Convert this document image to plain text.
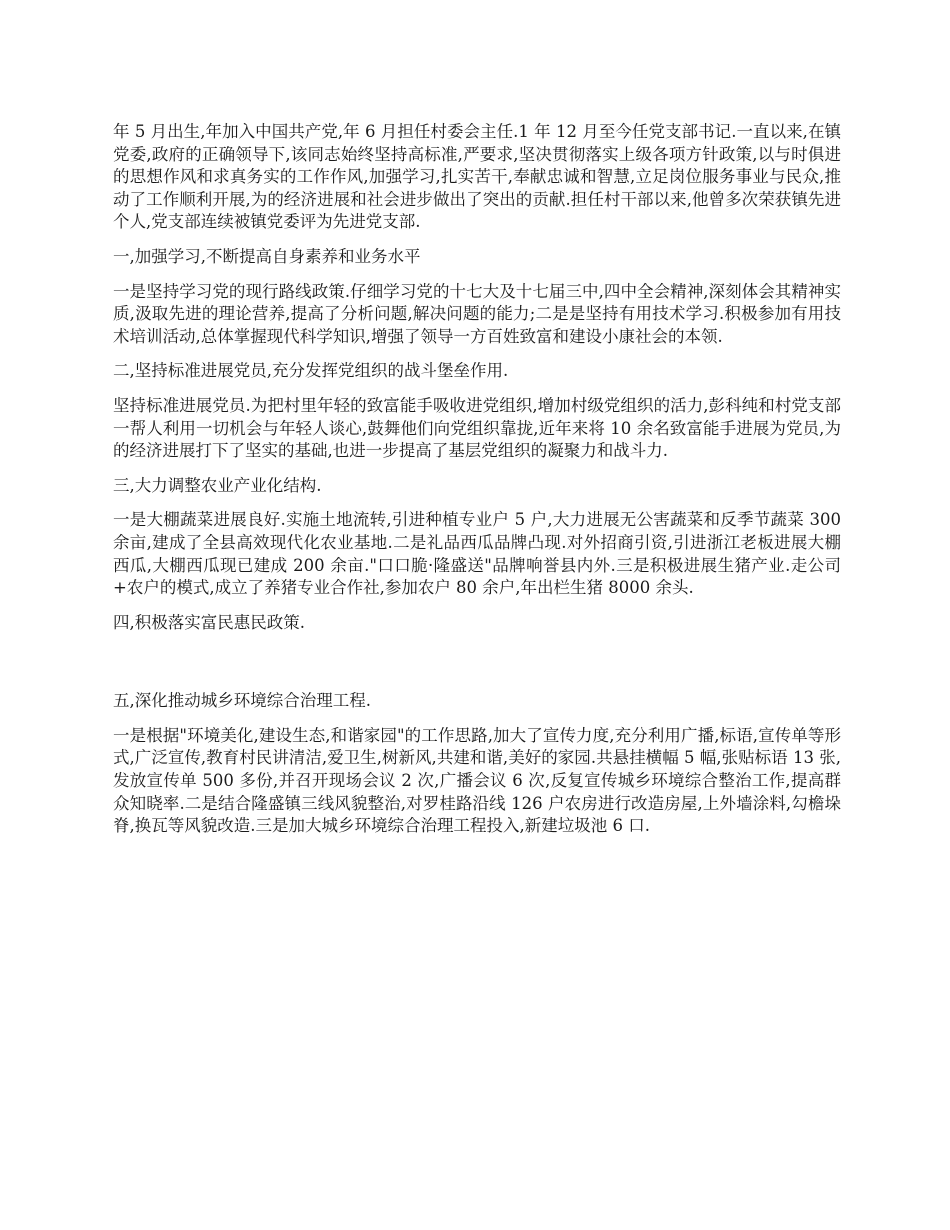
年 5 月出生,年加入中国共产党,年 6 月担任村委会主任.1 年 12 月至今任党支部书记.一直以来,在镇党委,政府的正确领导下,该同志始终坚持高标准,严要求,坚决贯彻落实上级各项方针政策,以与时俱进的思想作风和求真务实的工作作风,加强学习,扎实苦干,奉献忠诚和智慧,立足岗位服务事业与民众,推动了工作顺利开展,为的经济进展和社会进步做出了突出的贡献.担任村干部以来,他曾多次荣获镇先进个人,党支部连续被镇党委评为先进党支部.

一,加强学习,不断提高自身素养和业务水平

一是坚持学习党的现行路线政策.仔细学习党的十七大及十七届三中,四中全会精神,深刻体会其精神实质,汲取先进的理论营养,提高了分析问题,解决问题的能力;二是是坚持有用技术学习.积极参加有用技术培训活动,总体掌握现代科学知识,增强了领导一方百姓致富和建设小康社会的本领.

二,坚持标准进展党员,充分发挥党组织的战斗堡垒作用.

坚持标准进展党员.为把村里年轻的致富能手吸收进党组织,增加村级党组织的活力,彭科纯和村党支部一帮人利用一切机会与年轻人谈心,鼓舞他们向党组织靠拢,近年来将 10 余名致富能手进展为党员,为的经济进展打下了坚实的基础,也进一步提高了基层党组织的凝聚力和战斗力.

三,大力调整农业产业化结构.

一是大棚蔬菜进展良好.实施土地流转,引进种植专业户 5 户,大力进展无公害蔬菜和反季节蔬菜 300 余亩,建成了全县高效现代化农业基地.二是礼品西瓜品牌凸现.对外招商引资,引进浙江老板进展大棚西瓜,大棚西瓜现已建成 200 余亩."口口脆·隆盛送"品牌响誉县内外.三是积极进展生猪产业.走公司+农户的模式,成立了养猪专业合作社,参加农户 80 余户,年出栏生猪 8000 余头.

四,积极落实富民惠民政策.

五,深化推动城乡环境综合治理工程.

一是根据"环境美化,建设生态,和谐家园"的工作思路,加大了宣传力度,充分利用广播,标语,宣传单等形式,广泛宣传,教育村民讲清洁,爱卫生,树新风,共建和谐,美好的家园.共悬挂横幅 5 幅,张贴标语 13 张,发放宣传单 500 多份,并召开现场会议 2 次,广播会议 6 次,反复宣传城乡环境综合整治工作,提高群众知晓率.二是结合隆盛镇三线风貌整治,对罗桂路沿线 126 户农房进行改造房屋,上外墙涂料,勾檐垛脊,换瓦等风貌改造.三是加大城乡环境综合治理工程投入,新建垃圾池 6 口.
